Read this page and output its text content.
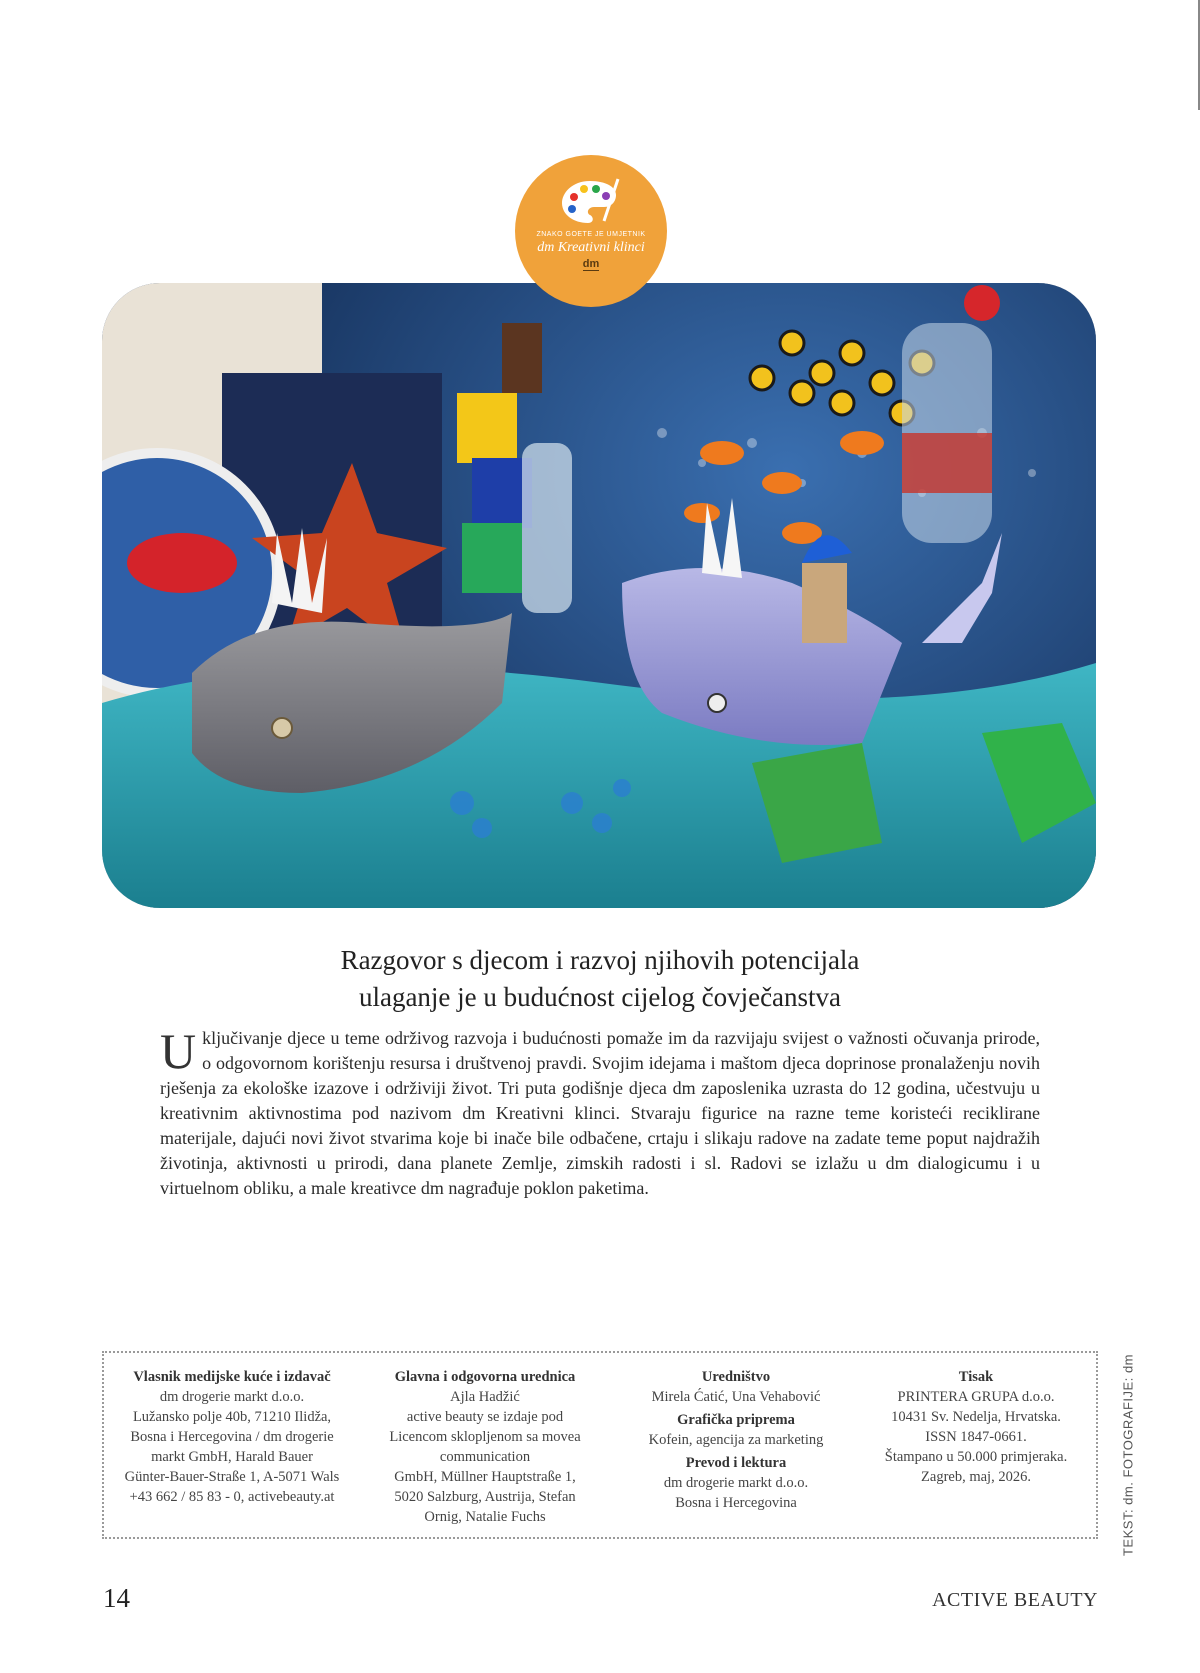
ZNAKO GOETE JE UMJETNIK
dm Kreativni klinci
dm
Razgovor s djecom i razvoj njihovih potencijala
ulaganje je u budućnost cijelog čovječanstva
Uključivanje djece u teme održivog razvoja i budućnosti pomaže im da razvijaju svijest o važnosti očuvanja prirode, o odgovornom korištenju resursa i društvenoj pravdi. Svojim idejama i maštom djeca doprinose pronalaženju novih rješenja za ekološke izazove i održiviji život. Tri puta godišnje djeca dm zaposlenika uzrasta do 12 godina, učestvuju u kreativnim aktivnostima pod nazivom dm Kreativni klinci. Stvaraju figurice na razne teme koristeći reciklirane materijale, dajući novi život stvarima koje bi inače bile odbačene, crtaju i slikaju radove na zadate teme poput najdražih životinja, aktivnosti u prirodi, dana planete Zemlje, zimskih radosti i sl. Radovi se izlažu u dm dialogicumu i u virtuelnom obliku, a male kreativce dm nagrađuje poklon paketima.
Vlasnik medijske kuće i izdavač
dm drogerie markt d.o.o.
Lužansko polje 40b, 71210 Ilidža,
Bosna i Hercegovina / dm drogerie
markt GmbH, Harald Bauer
Günter-Bauer-Straße 1, A-5071 Wals
+43 662 / 85 83 - 0, activebeauty.at
Glavna i odgovorna urednica
Ajla Hadžić
active beauty se izdaje pod
Licencom sklopljenom sa movea
communication
GmbH, Müllner Hauptstraße 1,
5020 Salzburg, Austrija, Stefan
Ornig, Natalie Fuchs
Uredništvo
Mirela Ćatić, Una Vehabović
Grafička priprema
Kofein, agencija za marketing
Prevod i lektura
dm drogerie markt d.o.o.
Bosna i Hercegovina
Tisak
PRINTERA GRUPA d.o.o.
10431 Sv. Nedelja, Hrvatska.
ISSN 1847-0661.
Štampano u 50.000 primjeraka.
Zagreb, maj, 2026.	TEKST: dm. FOTOGRAFIJE: dm
14	ACTIVE BEAUTY
